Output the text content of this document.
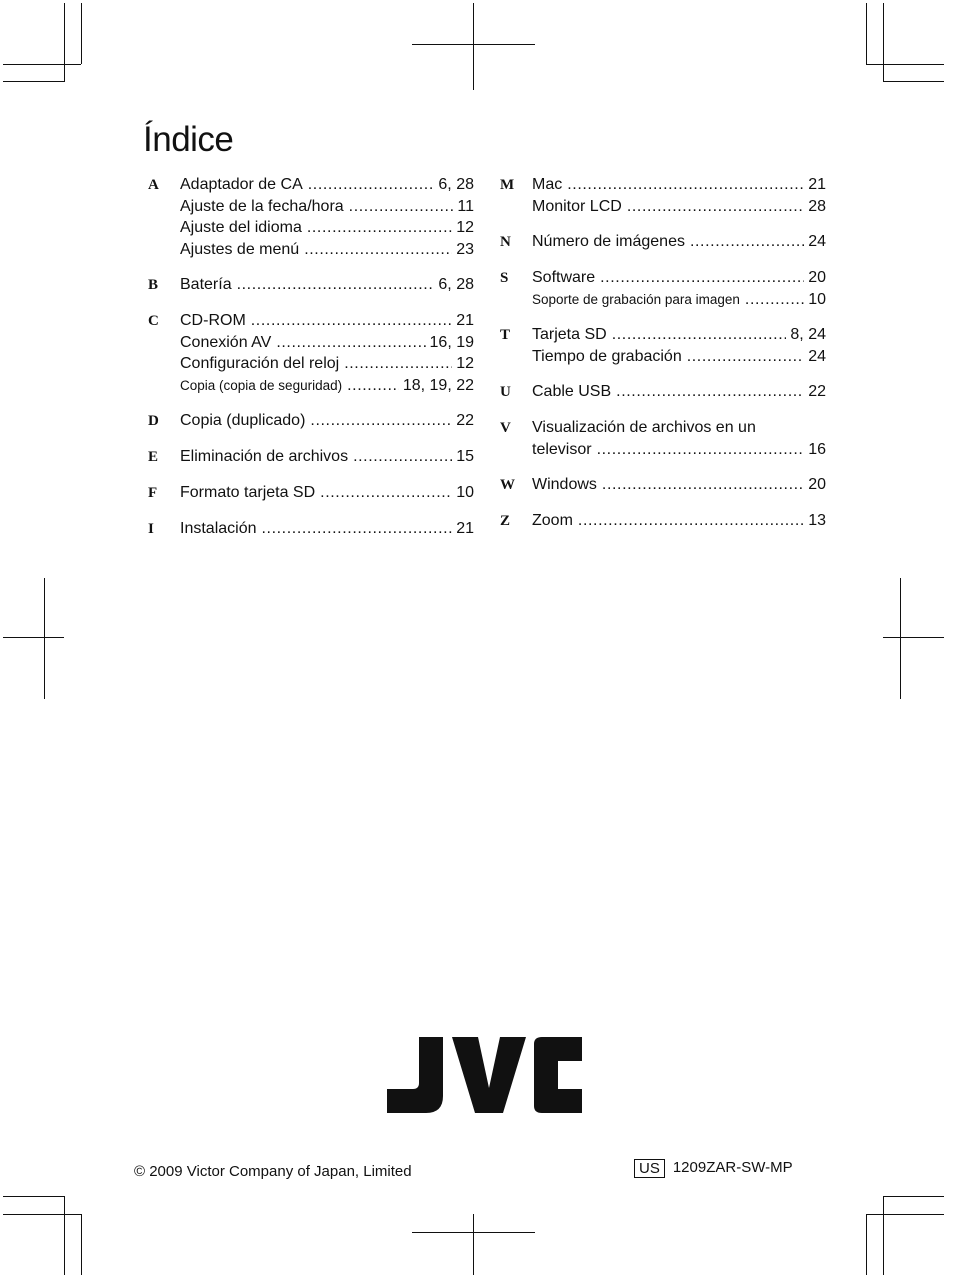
Índice
A	Adaptador de CA .....	6, 28
Ajuste de la fecha/hora .....	11
Ajuste del idioma .....	12
Ajustes de menú .....	23
B	Batería .....	6, 28
C	CD-ROM .....	21
Conexión AV .....	16, 19
Configuración del reloj .....	12
Copia (copia de seguridad) .....	18, 19, 22
D	Copia (duplicado) .....	22
E	Eliminación de archivos .....	15
F	Formato tarjeta SD .....	10
I	Instalación .....	21
M	Mac .....	21
Monitor LCD .....	28
N	Número de imágenes .....	24
S	Software .....	20
Soporte de grabación para imagen .....	10
T	Tarjeta SD .....	8, 24
Tiempo de grabación .....	24
U	Cable USB .....	22
V	Visualización de archivos en un
televisor .....	16
W	Windows .....	20
Z	Zoom .....	13
© 2009 Victor Company of Japan, Limited	US 1209ZAR-SW-MP
